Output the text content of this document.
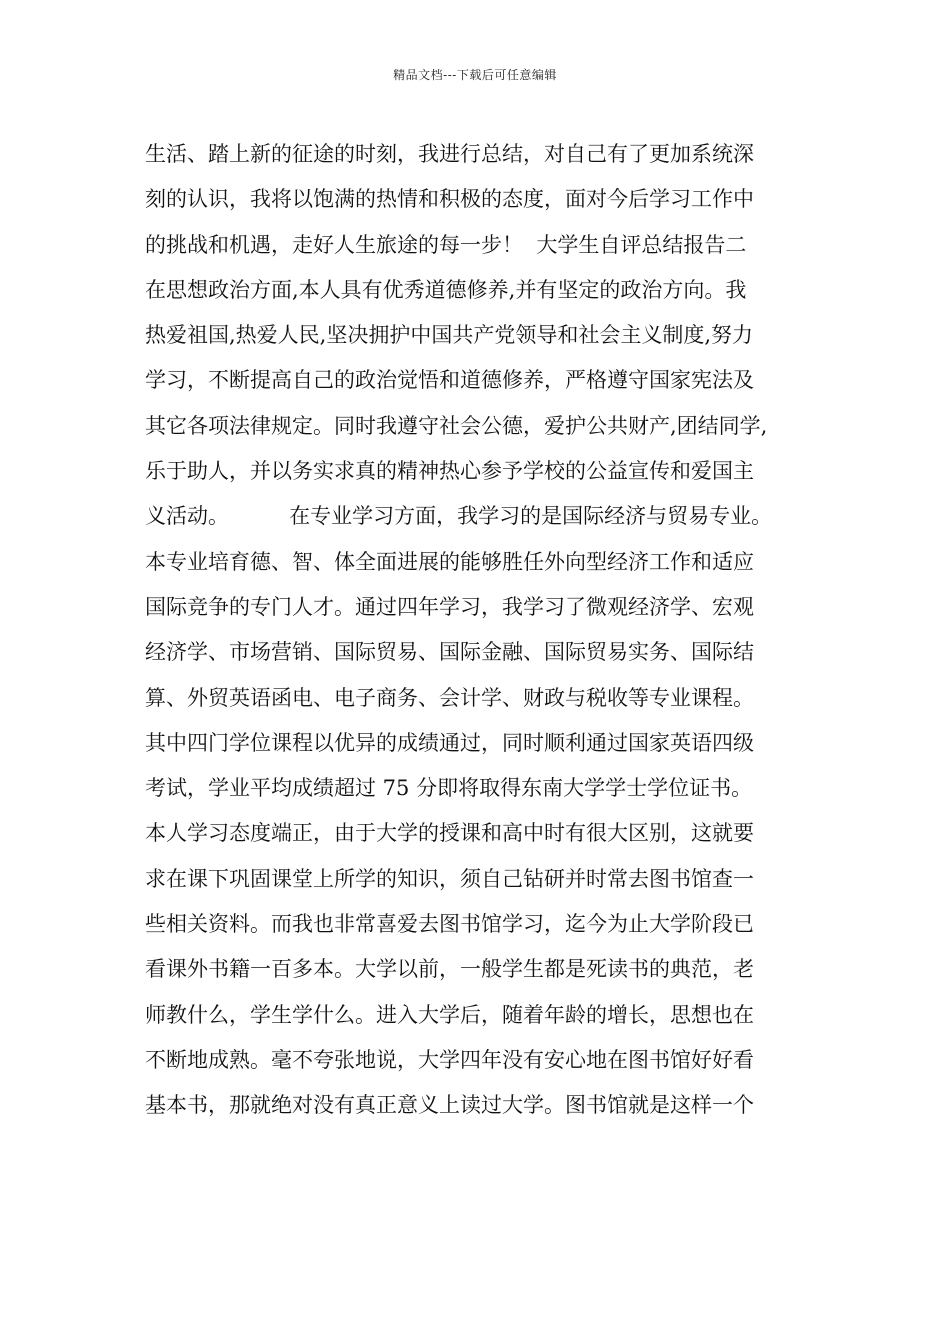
精品文档---下载后可任意编辑
生活、踏上新的征途的时刻，我进行总结，对自己有了更加系统深
刻的认识，我将以饱满的热情和积极的态度，面对今后学习工作中
的挑战和机遇，走好人生旅途的每一步！  大学生自评总结报告二
在思想政治方面,本人具有优秀道德修养,并有坚定的政治方向。我
热爱祖国,热爱人民,坚决拥护中国共产党领导和社会主义制度,努力
学习，不断提高自己的政治觉悟和道德修养，严格遵守国家宪法及
其它各项法律规定。同时我遵守社会公德，爱护公共财产,团结同学,
乐于助人，并以务实求真的精神热心参予学校的公益宣传和爱国主
义活动。         在专业学习方面，我学习的是国际经济与贸易专业。
本专业培育德、智、体全面进展的能够胜任外向型经济工作和适应
国际竞争的专门人才。通过四年学习，我学习了微观经济学、宏观
经济学、市场营销、国际贸易、国际金融、国际贸易实务、国际结
算、外贸英语函电、电子商务、会计学、财政与税收等专业课程。
其中四门学位课程以优异的成绩通过，同时顺利通过国家英语四级
考试，学业平均成绩超过 75 分即将取得东南大学学士学位证书。
本人学习态度端正，由于大学的授课和高中时有很大区别，这就要
求在课下巩固课堂上所学的知识，须自己钻研并时常去图书馆查一
些相关资料。而我也非常喜爱去图书馆学习，迄今为止大学阶段已
看课外书籍一百多本。大学以前，一般学生都是死读书的典范，老
师教什么，学生学什么。进入大学后，随着年龄的增长，思想也在
不断地成熟。毫不夸张地说，大学四年没有安心地在图书馆好好看
基本书，那就绝对没有真正意义上读过大学。图书馆就是这样一个
